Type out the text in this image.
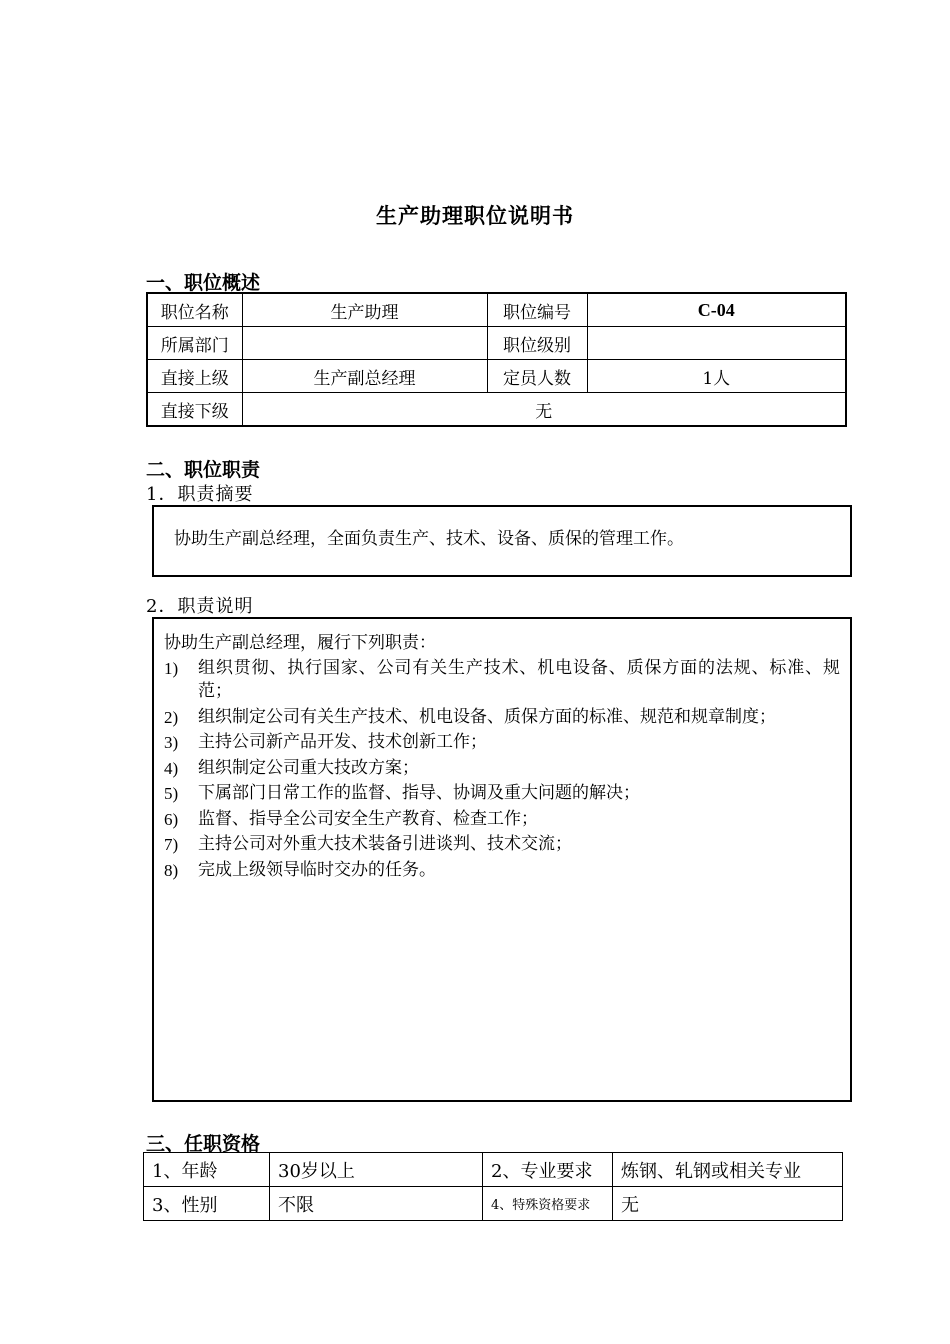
生产助理职位说明书
一、职位概述
职位名称	生产助理	职位编号	C-04
所属部门		职位级别	
直接上级	生产副总经理	定员人数	1人
直接下级	无		
二、职位职责
1．职责摘要
协助生产副总经理，全面负责生产、技术、设备、质保的管理工作。
2．职责说明
协助生产副总经理，履行下列职责：
1) 组织贯彻、执行国家、公司有关生产技术、机电设备、质保方面的法规、标准、规范；
2) 组织制定公司有关生产技术、机电设备、质保方面的标准、规范和规章制度；
3) 主持公司新产品开发、技术创新工作；
4) 组织制定公司重大技改方案；
5) 下属部门日常工作的监督、指导、协调及重大问题的解决；
6) 监督、指导全公司安全生产教育、检查工作；
7) 主持公司对外重大技术装备引进谈判、技术交流；
8) 完成上级领导临时交办的任务。
三、任职资格
1、年龄	30岁以上	2、专业要求	炼钢、轧钢或相关专业
3、性别	不限	4、特殊资格要求	无
